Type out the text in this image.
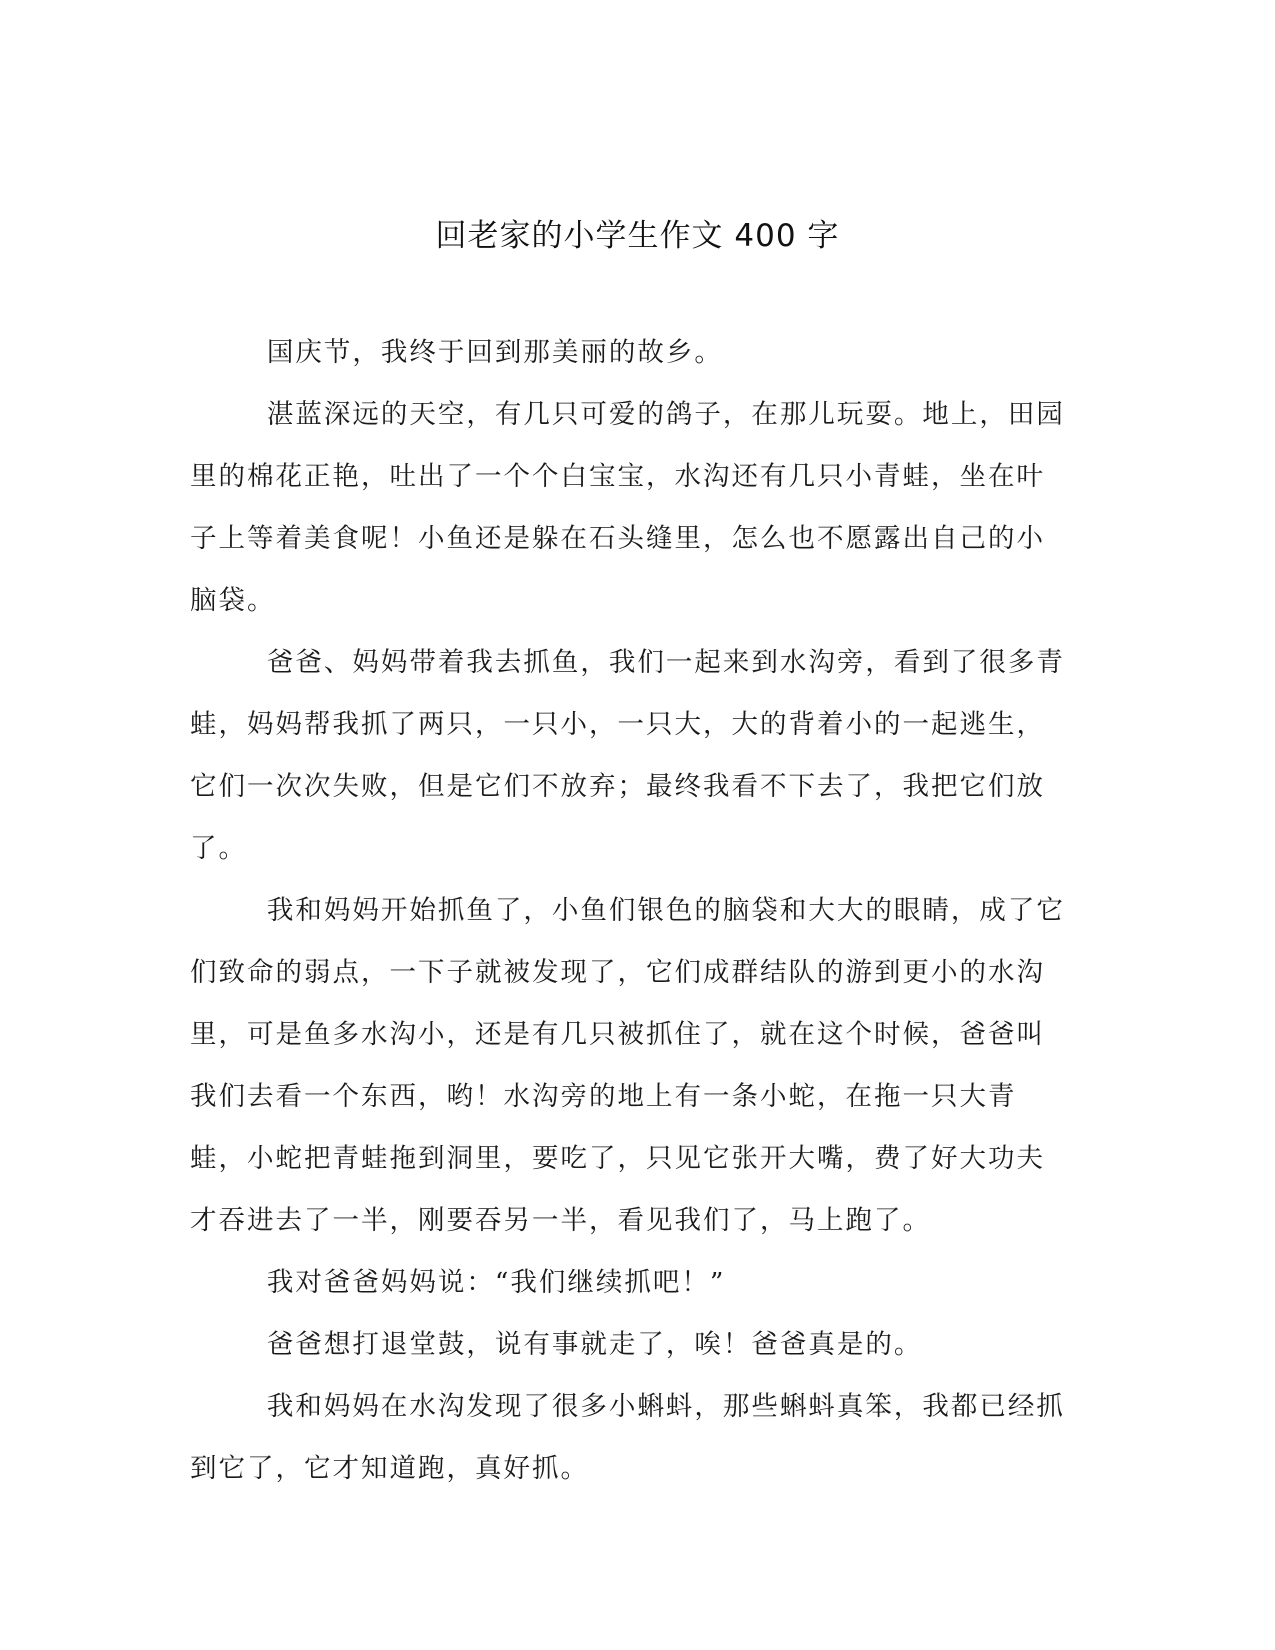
回老家的小学生作文 400 字

国庆节，我终于回到那美丽的故乡。

湛蓝深远的天空，有几只可爱的鸽子，在那儿玩耍。地上，田园里的棉花正艳，吐出了一个个白宝宝，水沟还有几只小青蛙，坐在叶子上等着美食呢！小鱼还是躲在石头缝里，怎么也不愿露出自己的小脑袋。

爸爸、妈妈带着我去抓鱼，我们一起来到水沟旁，看到了很多青蛙，妈妈帮我抓了两只，一只小，一只大，大的背着小的一起逃生，它们一次次失败，但是它们不放弃；最终我看不下去了，我把它们放了。

我和妈妈开始抓鱼了，小鱼们银色的脑袋和大大的眼睛，成了它们致命的弱点，一下子就被发现了，它们成群结队的游到更小的水沟里，可是鱼多水沟小，还是有几只被抓住了，就在这个时候，爸爸叫我们去看一个东西，哟！水沟旁的地上有一条小蛇，在拖一只大青蛙，小蛇把青蛙拖到洞里，要吃了，只见它张开大嘴，费了好大功夫才吞进去了一半，刚要吞另一半，看见我们了，马上跑了。

我对爸爸妈妈说：“我们继续抓吧！”

爸爸想打退堂鼓，说有事就走了，唉！爸爸真是的。

我和妈妈在水沟发现了很多小蝌蚪，那些蝌蚪真笨，我都已经抓到它了，它才知道跑，真好抓。
